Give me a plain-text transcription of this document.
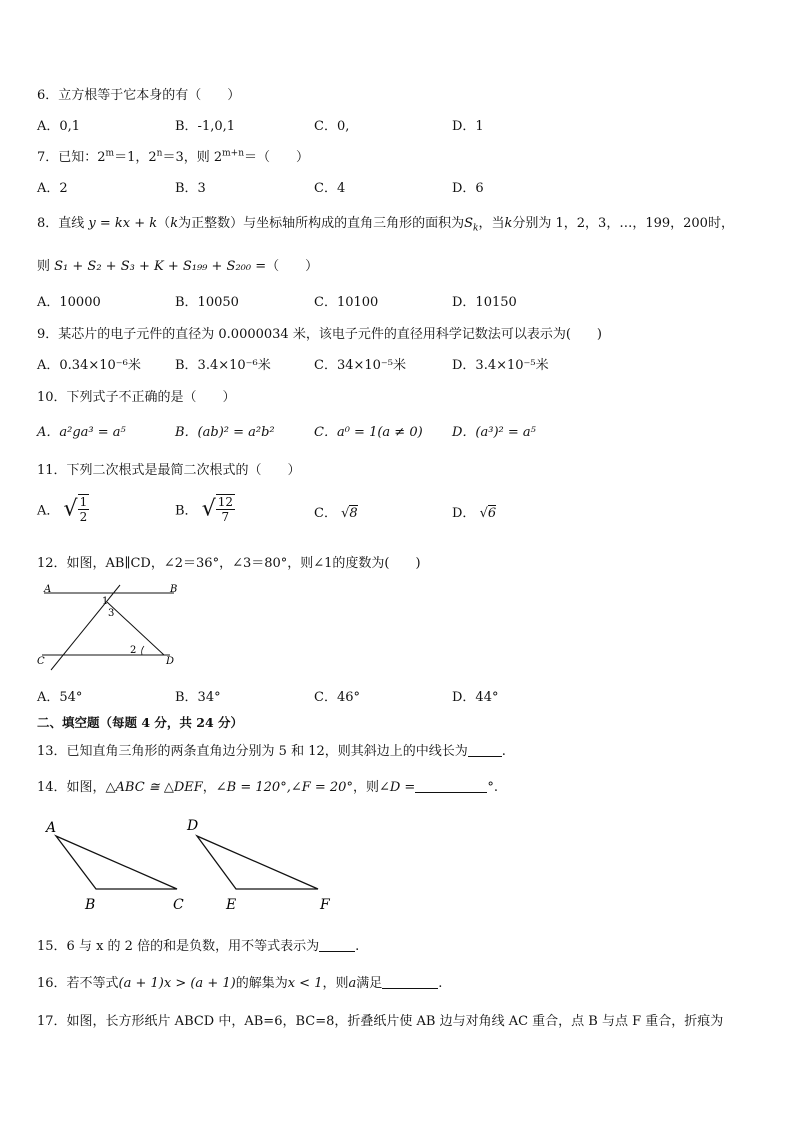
6．立方根等于它本身的有（　　）
A．0,1	B．-1,0,1	C．0,	D．1
7．已知：$2^m=1$，$2^n=3$，则 $2^{m+n}=$（　　）
A．2	B．3	C．4	D．6
8．直线 y = kx + k（k为正整数）与坐标轴所构成的直角三角形的面积为$S_k$，当k分别为 1，2，3，…，199，200时，
则 S₁ + S₂ + S₃ + K + S₁₉₉ + S₂₀₀ =（　　）
A．10000	B．10050	C．10100	D．10150
9．某芯片的电子元件的直径为 0.0000034 米，该电子元件的直径用科学记数法可以表示为(　　)
A．0.34×10⁻⁶米	B．3.4×10⁻⁶米	C．34×10⁻⁵米	D．3.4×10⁻⁵米
10．下列式子不正确的是（　　）
A．a²ga³ = a⁵	B．(ab)² = a²b²	C．a⁰ = 1(a ≠ 0) D．(a³)² = a⁵
11．下列二次根式是最简二次根式的（　　）
A． √ $\frac{1}{2}$	B． √ $\frac{12}{7}$	C． √8	D． √6
12．如图，AB∥CD，∠2＝36°，∠3＝80°，则∠1的度数为(　　)
A	B
C	D
1
3
2
A．54°	B．34°	C．46°	D．44°
二、填空题（每题 4 分，共 24 分）
13．已知直角三角形的两条直角边分别为 5 和 12，则其斜边上的中线长为	.
14．如图，△ABC ≅ △DEF，∠B = 120°,∠F = 20°，则∠D =	°.
A
B	C
D
E	F
15．6 与 x 的 2 倍的和是负数，用不等式表示为	.
16．若不等式(a + 1)x > (a + 1)的解集为x < 1，则a满足	.
17．如图，长方形纸片 ABCD 中，AB=6，BC=8，折叠纸片使 AB 边与对角线 AC 重合，点 B 与点 F 重合，折痕为
